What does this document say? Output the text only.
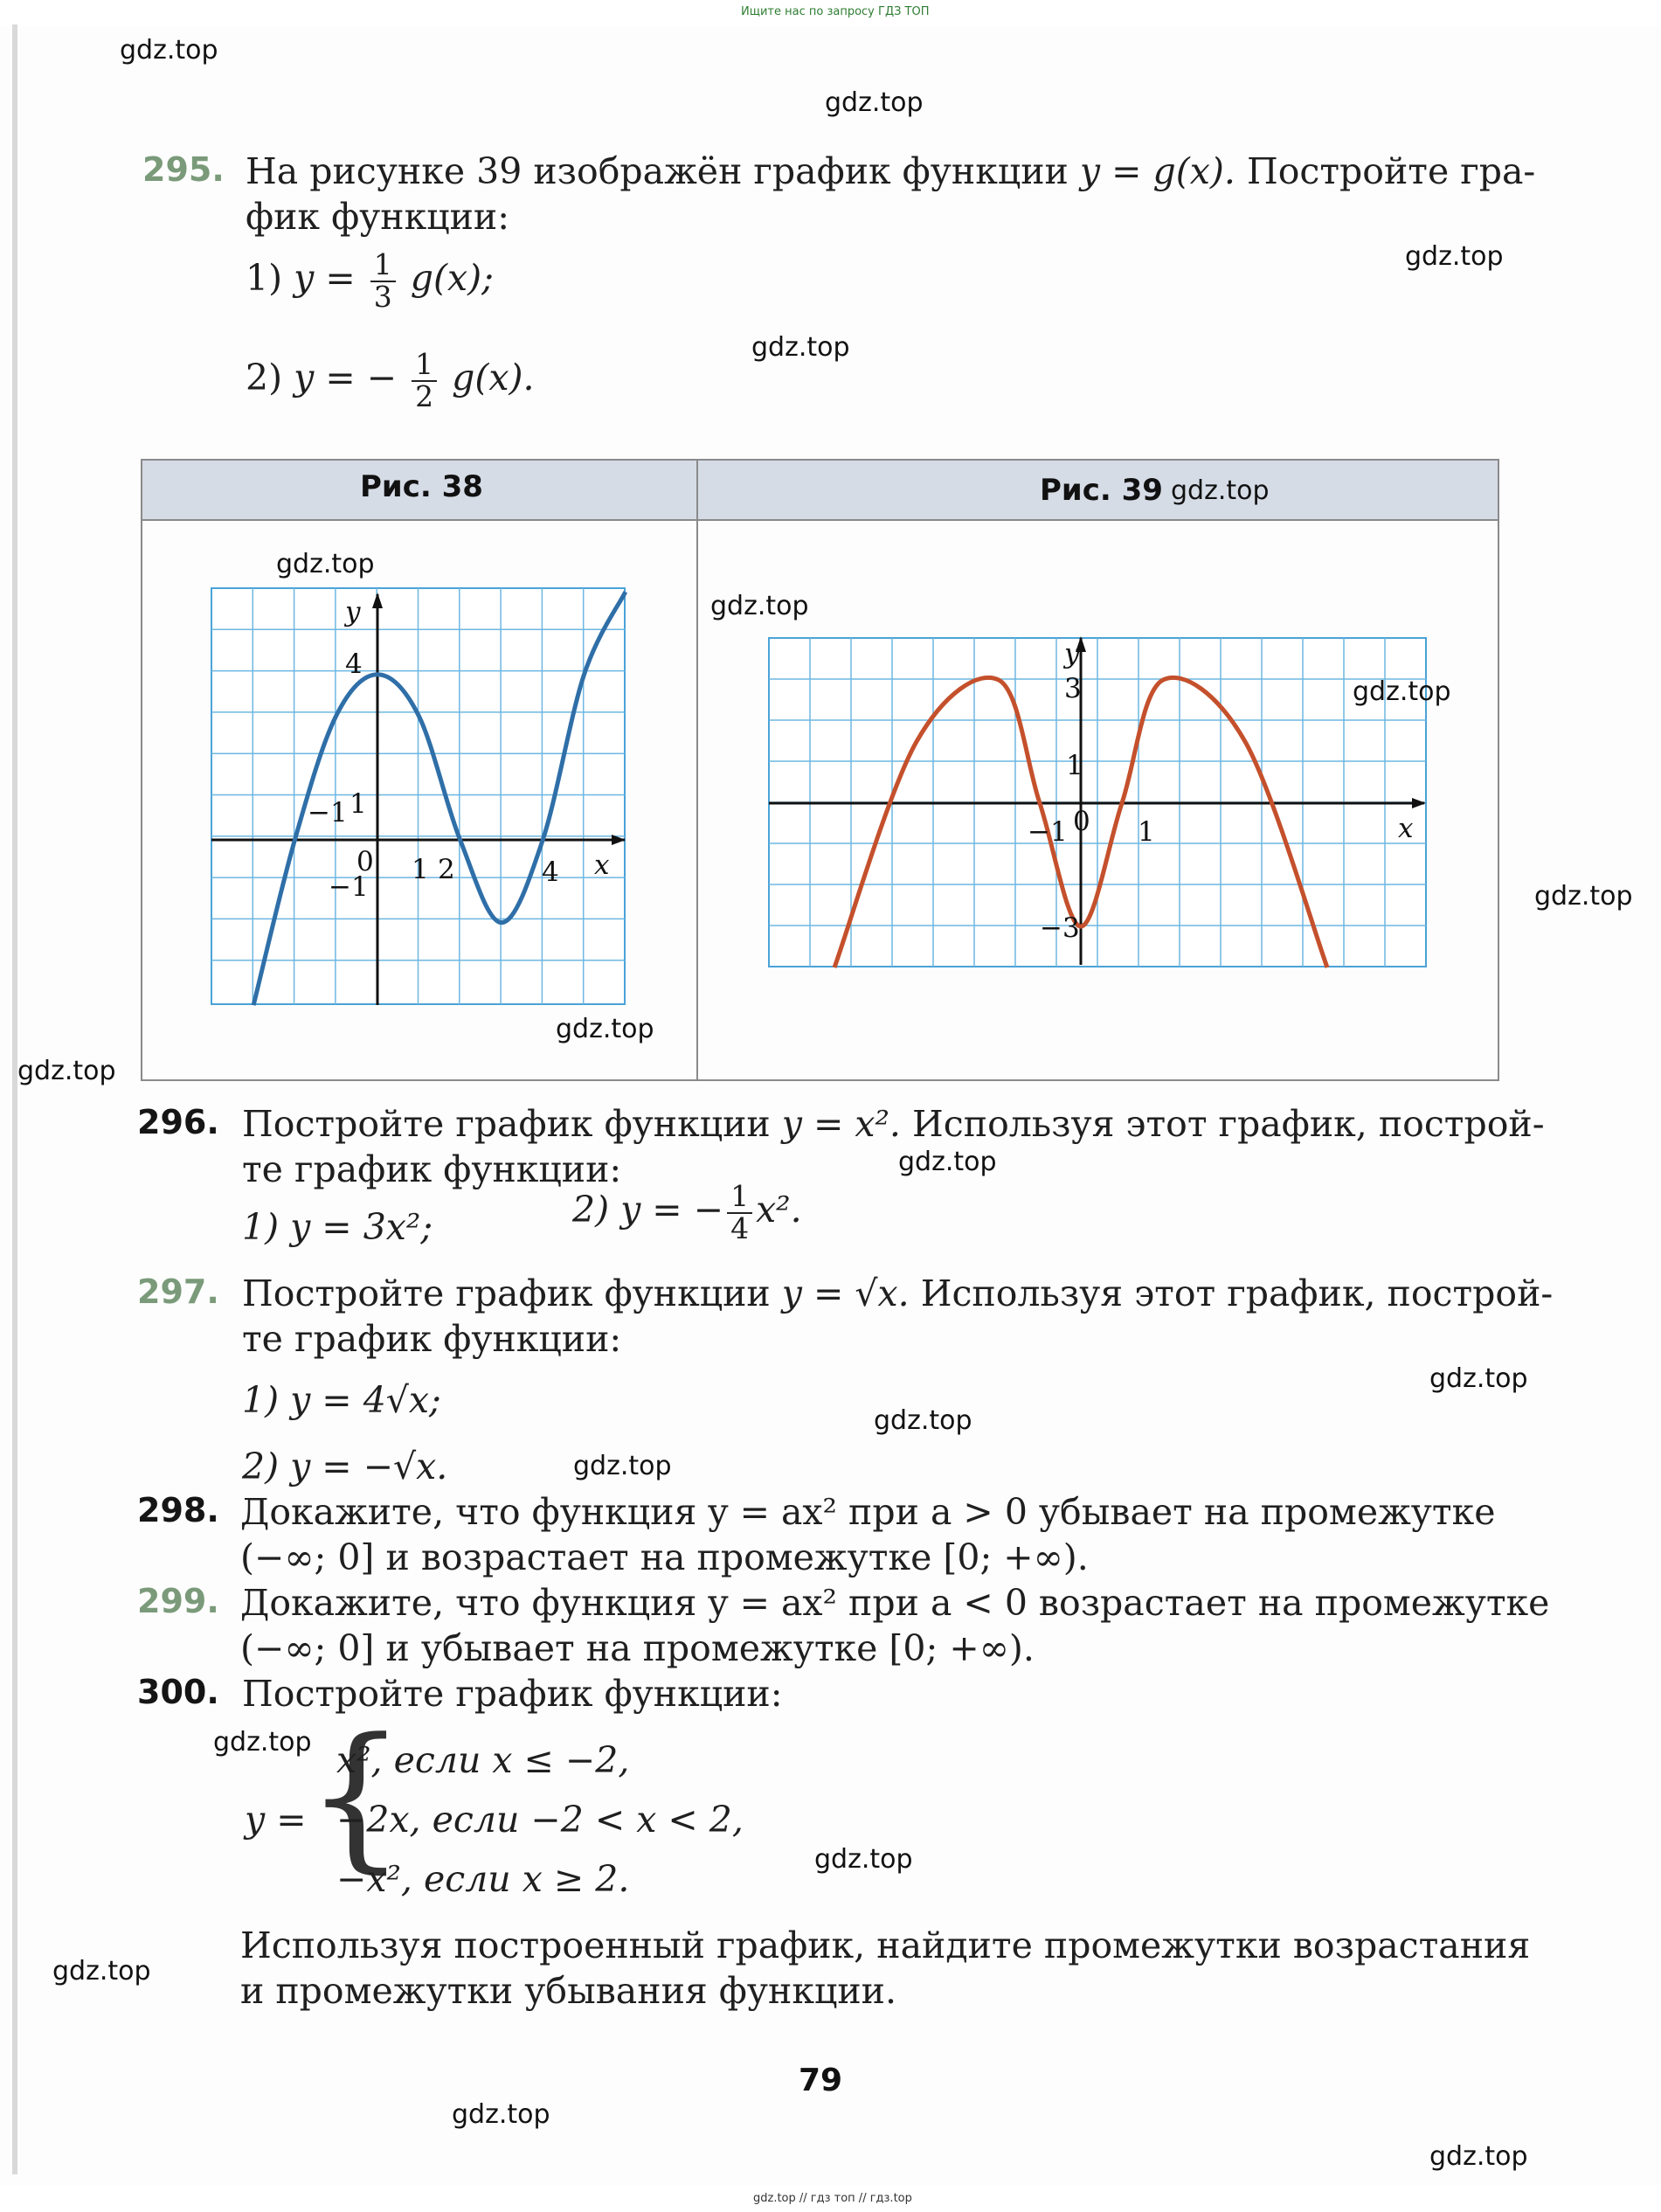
y
x
4
1
−1
−1
0 1 2	4
y
x
3
1
−3
−1 0 1
Ищите нас по запросу ГДЗ ТОП
gdz.top // гдз топ // гдз.top
Рис. 38	Рис. 39
295. На рисунке 39 изображён график функции y = g(x). Постройте гра-
фик функции:
1) $y = \frac{1}{3} g(x)$;
2) y = − $\frac{1}{2} g(x)$.
296. Постройте график функции y = x². Используя этот график, построй-
те график функции:
1) y = 3x²;	2) y = − $\frac{1}{4} x^2$.
297. Постройте график функции y = √x. Используя этот график, построй-
те график функции:
1) y = 4√x;
2) y = −√x.
298. Докажите, что функция y = ax² при a > 0 убывает на промежутке
(−∞; 0] и возрастает на промежутке [0; +∞).
299. Докажите, что функция y = ax² при a < 0 возрастает на промежутке
(−∞; 0] и убывает на промежутке [0; +∞).
300. Постройте график функции:
y = {
x², если x ≤ −2,
−2x, если −2 < x < 2,
−x², если x ≥ 2.
Используя построенный график, найдите промежутки возрастания
и промежутки убывания функции.
79
gdz.top
gdz.top
gdz.top
gdz.top
gdz.top
gdz.top
gdz.top
gdz.top
gdz.top
gdz.top
gdz.top
gdz.top
gdz.top
gdz.top
gdz.top
gdz.top
gdz.top
gdz.top
gdz.top
gdz.top
